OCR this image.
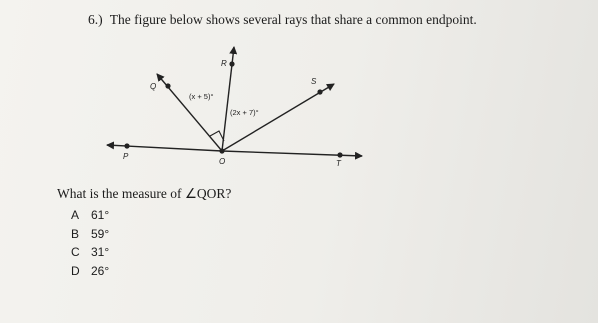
6.) The figure below shows several rays that share a common endpoint.
P
O	T
Q
R
S
(x + 5)°
(2x + 7)°
What is the measure of ∠QOR?
A 61°
B 59°
C 31°
D 26°
